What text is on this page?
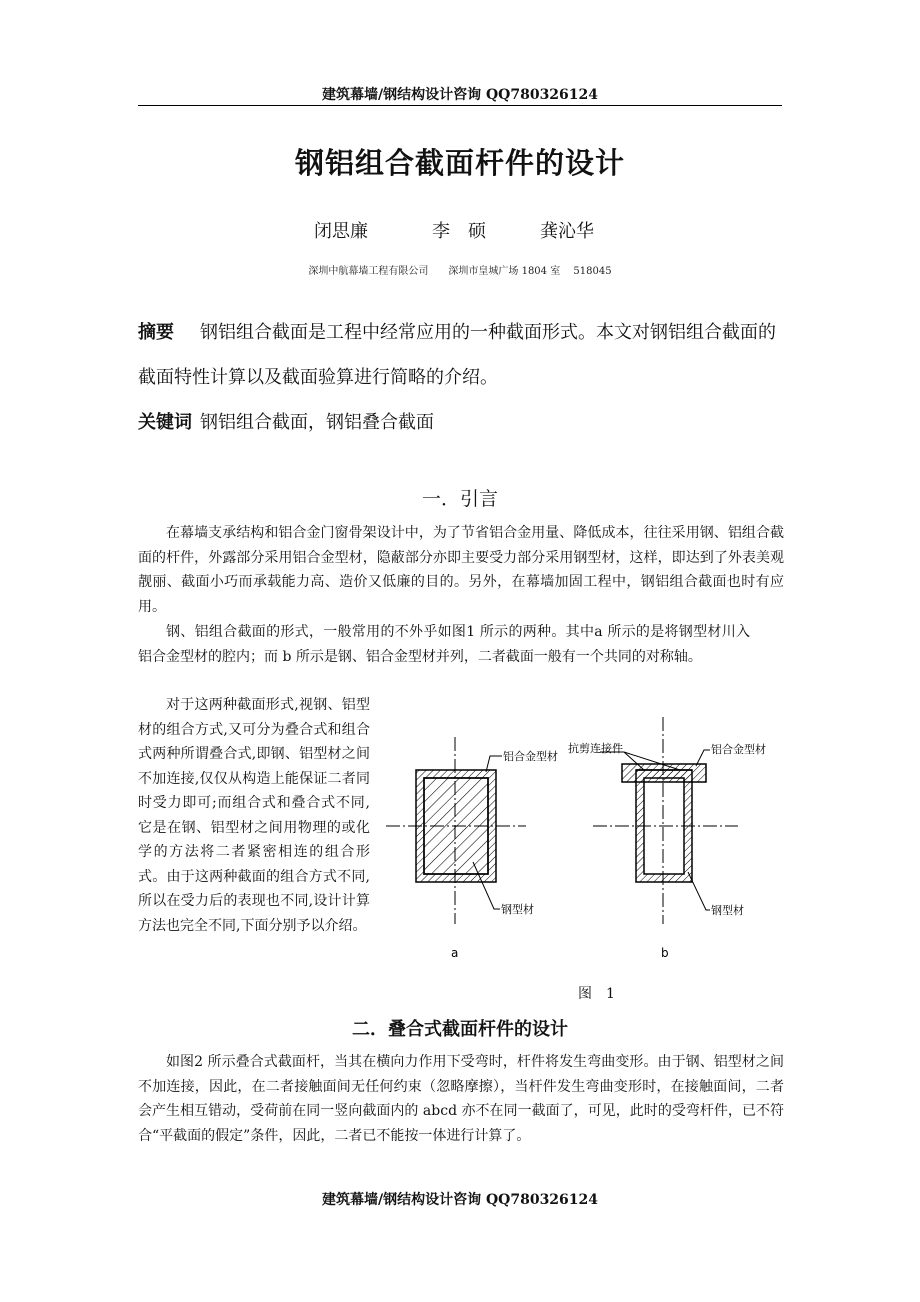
建筑幕墙/钢结构设计咨询 QQ780326124
钢铝组合截面杆件的设计
闭思廉	李　硕	龚沁华
深圳中航幕墙工程有限公司　　深圳市皇城广场 1804 室　 518045
摘要 钢铝组合截面是工程中经常应用的一种截面形式。本文对钢铝组合截面的截面特性计算以及截面验算进行简略的介绍。
关键词 钢铝组合截面，钢铝叠合截面
一．引言

在幕墙支承结构和铝合金门窗骨架设计中，为了节省铝合金用量、降低成本，往往采用钢、铝组合截面的杆件，外露部分采用铝合金型材，隐蔽部分亦即主要受力部分采用钢型材，这样，即达到了外表美观靓丽、截面小巧而承载能力高、造价又低廉的目的。另外，在幕墙加固工程中，钢铝组合截面也时有应用。

钢、铝组合截面的形式，一般常用的不外乎如图1 所示的两种。其中a 所示的是将钢型材川入铝合金型材的腔内；而 b 所示是钢、铝合金型材并列，二者截面一般有一个共同的对称轴。

对于这两种截面形式,视钢、铝型材的组合方式,又可分为叠合式和组合式两种所谓叠合式,即钢、铝型材之间不加连接,仅仅从构造上能保证二者同时受力即可;而组合式和叠合式不同,它是在钢、铝型材之间用物理的或化学的方法将二者紧密相连的组合形式。由于这两种截面的组合方式不同,所以在受力后的表现也不同,设计计算方法也完全不同,下面分别予以介绍。

铝合金型材
钢型材
a
抗剪连接件	铝合金型材
钢型材
b
图　1
二．叠合式截面杆件的设计

如图2 所示叠合式截面杆，当其在横向力作用下受弯时，杆件将发生弯曲变形。由于钢、铝型材之间不加连接，因此，在二者接触面间无任何约束（忽略摩擦），当杆件发生弯曲变形时，在接触面间，二者会产生相互错动，受荷前在同一竖向截面内的 abcd 亦不在同一截面了，可见，此时的受弯杆件，已不符合“平截面的假定”条件，因此，二者已不能按一体进行计算了。

建筑幕墙/钢结构设计咨询 QQ780326124
